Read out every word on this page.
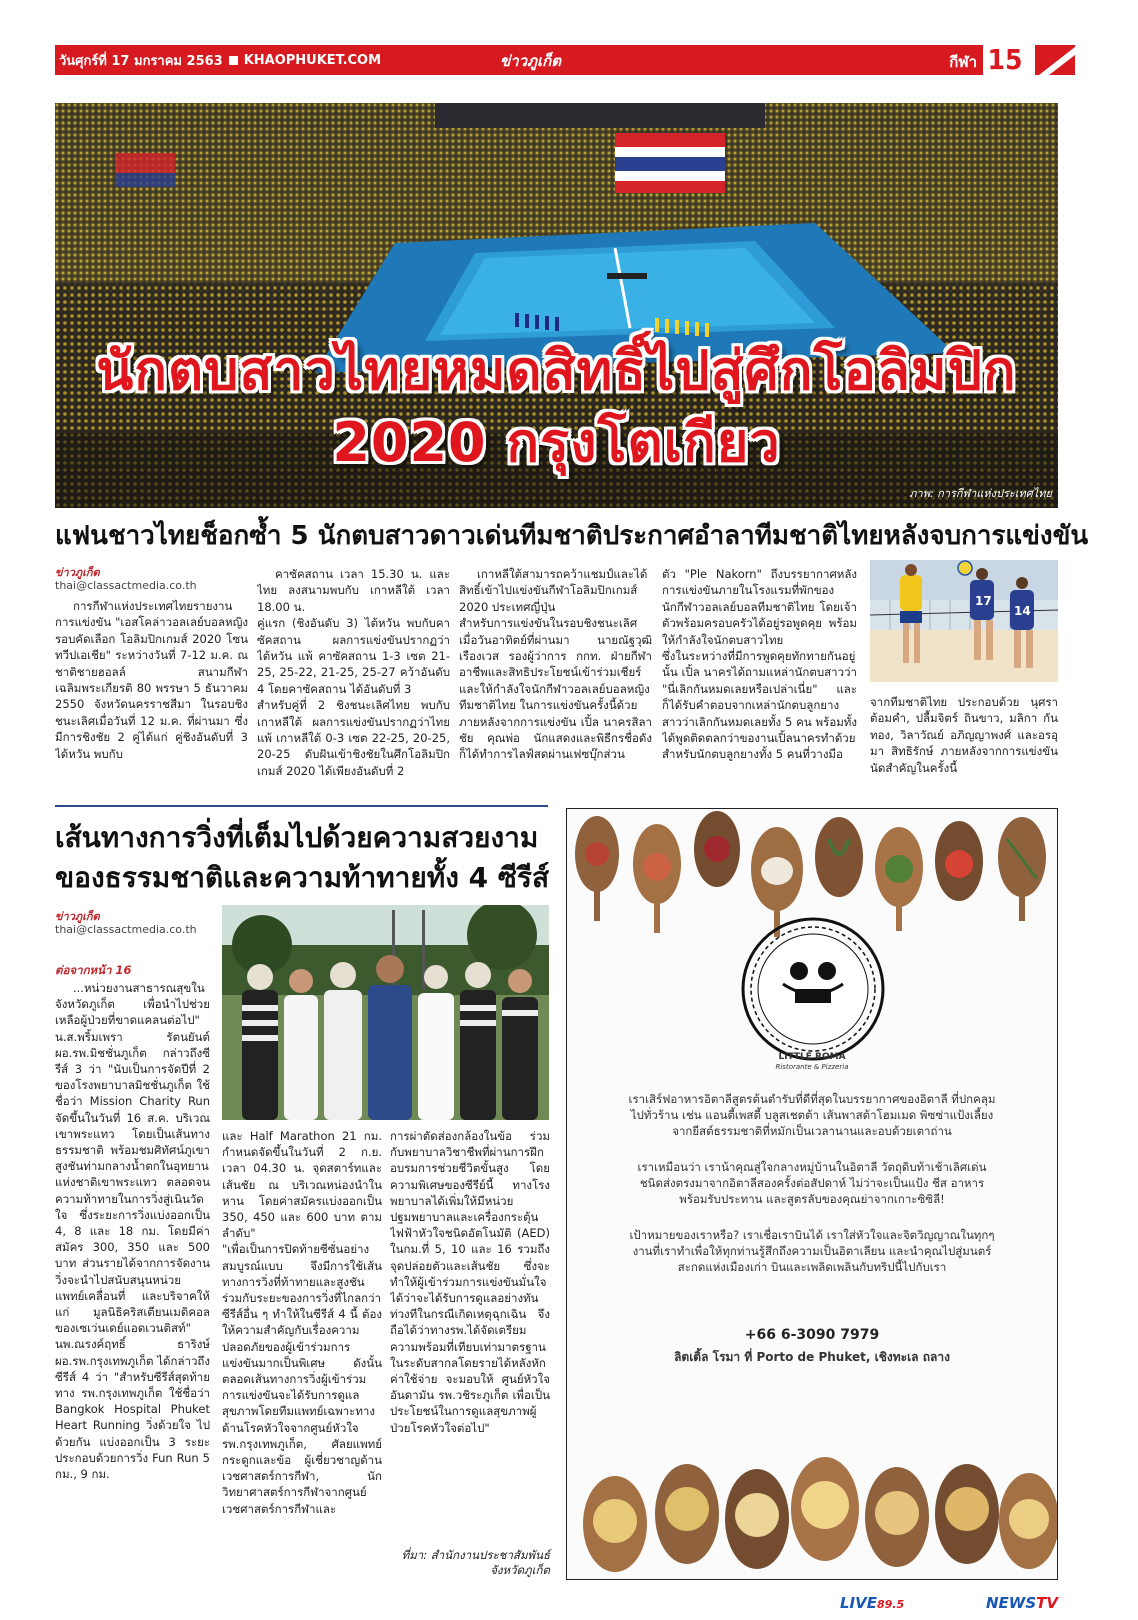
วันศุกร์ที่ 17 มกราคม 2563 KHAOPHUKET.COM	ข่าวภูเก็ต	กีฬา 15
นักตบสาวไทยหมดสิทธิ์ไปสู่ศึกโอลิมปิก
2020 กรุงโตเกียว
ภาพ: การกีฬาแห่งประเทศไทย
แฟนชาวไทยช็อกซ้ำ 5 นักตบสาวดาวเด่นทีมชาติประกาศอำลาทีมชาติไทยหลังจบการแข่งขัน
ข่าวภูเก็ต
thai@classactmedia.co.th

การกีฬาแห่งประเทศไทยรายงานการแข่งขัน "เอสโคล่าวอลเลย์บอลหญิงรอบคัดเลือก โอลิมปิกเกมส์ 2020 โซนทวีปเอเชีย" ระหว่างวันที่ 7-12 ม.ค. ณ ชาติชายฮอลล์ สนามกีฬาเฉลิมพระเกียรติ 80 พรรษา 5 ธันวาคม 2550 จังหวัดนครราชสีมา ในรอบชิงชนะเลิศเมื่อวันที่ 12 ม.ค. ที่ผ่านมา ซึ่งมีการชิงชัย 2 คู่ได้แก่ คู่ชิงอันดับที่ 3 ได้หวัน พบกับ

คาซัคสถาน เวลา 15.30 น. และไทย ลงสนามพบกับ เกาหลีใต้ เวลา 18.00 น.
คู่แรก (ชิงอันดับ 3) ไต้หวัน พบกับคาซัคสถาน ผลการแข่งขันปรากฏว่าไต้หวัน แพ้ คาซัคสถาน 1-3 เซต 21-25, 25-22, 21-25, 25-27 คว้าอันดับ 4 โดยคาซัคสถาน ได้อันดับที่ 3
สำหรับคู่ที่ 2 ชิงชนะเลิศไทย พบกับ เกาหลีใต้ ผลการแข่งขันปรากฏว่าไทย แพ้ เกาหลีใต้ 0-3 เซต 22-25, 20-25, 20-25 ดับฝันเข้าชิงชัยในศึกโอลิมปิกเกมส์ 2020 ได้เพียงอันดับที่ 2

เกาหลีใต้สามารถคว้าแชมป์และได้สิทธิ์เข้าไปแข่งขันกีฬาโอลิมปิกเกมส์ 2020 ประเทศญี่ปุ่น
สำหรับการแข่งขันในรอบชิงชนะเลิศเมื่อวันอาทิตย์ที่ผ่านมา นายณัฐวุฒิ เรืองเวส รองผู้ว่าการ กกท. ฝ่ายกีฬาอาชีพและสิทธิประโยชน์เข้าร่วมเชียร์และให้กำลังใจนักกีฬาวอลเลย์บอลหญิงทีมชาติไทย ในการแข่งขันครั้งนี้ด้วย
ภายหลังจากการแข่งขัน เปิ้ล นาครสิลาชัย คุณพ่อ นักแสดงและพิธีกรชื่อดัง ก็ได้ทำการไลฟ์สดผ่านเฟซบุ๊กส่วน

ตัว "Ple Nakorn" ถึงบรรยากาศหลังการแข่งขันภายในโรงแรมที่พักของนักกีฬาวอลเลย์บอลทีมชาติไทย โดยเจ้าตัวพร้อมครอบครัวได้อยู่รอพูดคุย พร้อมให้กำลังใจนักตบสาวไทย
ซึ่งในระหว่างที่มีการพูดคุยทักทายกันอยู่นั้น เปิ้ล นาครได้ถามแหล่านักตบสาวว่า "นี่เลิกกันหมดเลยหรือเปล่าเนี่ย" และก็ได้รับคำตอบจากเหล่านักตบลูกยางสาวว่าเลิกกันหมดเลยทั้ง 5 คน พร้อมทั้งได้พูดติดตลกว่าของานเปิ้ลนาครทำด้วย สำหรับนักตบลูกยางทั้ง 5 คนที่วางมือ

17
14

จากทีมชาติไทย ประกอบด้วย นุศรา ต้อมคำ, ปลื้มจิตร์ ถินขาว, มลิกา กันทอง, วิลาวัณย์ อภิญญาพงศ์ และอรอุมา สิทธิรักษ์ ภายหลังจากการแข่งขันนัดสำคัญในครั้งนี้

เส้นทางการวิ่งที่เต็มไปด้วยความสวยงาม
ของธรรมชาติและความท้าทายทั้ง 4 ซีรีส์
ข่าวภูเก็ต
thai@classactmedia.co.th
ต่อจากหน้า 16

...หน่วยงานสาธารณสุขในจังหวัดภูเก็ต เพื่อนำไปช่วยเหลือผู้ป่วยที่ขาดแคลนต่อไป"
น.ส.พริ้มเพรา รัตนยันต์ ผอ.รพ.มิชชั่นภูเก็ต กล่าวถึงซีรีส์ 3 ว่า "นับเป็นการจัดปีที่ 2 ของโรงพยาบาลมิชชั่นภูเก็ต ใช้ชื่อว่า Mission Charity Run จัดขึ้นในวันที่ 16 ส.ค. บริเวณเขาพระแทว โดยเป็นเส้นทางธรรมชาติ พร้อมชมศิทัศน์ภูเขาสูงชันท่ามกลางน้ำตกในอุทยานแห่งชาติเขาพระแทว ตลอดจนความท้าทายในการวิ่งสู่เนินวัดใจ ซึ่งระยะการวิ่งแบ่งออกเป็น 4, 8 และ 18 กม. โดยมีค่าสมัคร 300, 350 และ 500 บาท ส่วนรายได้จากการจัดงานวิ่งจะนำไปสนับสนุนหน่วยแพทย์เคลื่อนที่ และบริจาคให้แก่ มูลนิธิคริสเตียนเมดิคอล ของเซเว่นเดย์แอดเวนติสท์"
นพ.ณรงค์ฤทธิ์ ธาริงษ์ ผอ.รพ.กรุงเทพภูเก็ต ได้กล่าวถึงซีรีส์ 4 ว่า "สำหรับซีรีส์สุดท้ายทาง รพ.กรุงเทพภูเก็ต ใช้ชื่อว่า Bangkok Hospital Phuket Heart Running วิ่งด้วยใจ ไปด้วยกัน แบ่งออกเป็น 3 ระยะ ประกอบด้วยการวิ่ง Fun Run 5 กม., 9 กม.

และ Half Marathon 21 กม. กำหนดจัดขึ้นในวันที่ 2 ก.ย. เวลา 04.30 น. จุดสตาร์ทและเส้นชัย ณ บริเวณหน่องนำในหาน โดยค่าสมัครแบ่งออกเป็น 350, 450 และ 600 บาท ตามลำดับ"
"เพื่อเป็นการปิดท้ายซีซั่นอย่างสมบูรณ์แบบ จึงมีการใช้เส้นทางการวิ่งที่ท้าทายและสูงชันร่วมกับระยะของการวิ่งที่ไกลกว่าซีรีส์อื่น ๆ ทำให้ในซีรีส์ 4 นี้ ต้องให้ความสำคัญกับเรื่องความปลอดภัยของผู้เข้าร่วมการแข่งขันมากเป็นพิเศษ ดังนั้นตลอดเส้นทางการวิ่งผู้เข้าร่วมการแข่งขันจะได้รับการดูแลสุขภาพโดยทีมแพทย์เฉพาะทางด้านโรคหัวใจจากศูนย์หัวใจรพ.กรุงเทพภูเก็ต, ศัลยแพทย์กระดูกและข้อ ผู้เชี่ยวชาญด้านเวชศาสตร์การกีฬา, นักวิทยาศาสตร์การกีฬาจากศูนย์เวชศาสตร์การกีฬาและ

การผ่าตัดส่องกล้องในข้อ ร่วมกับพยาบาลวิชาชีพที่ผ่านการฝึกอบรมการช่วยชีวิตขั้นสูง โดยความพิเศษของซีรีย์นี้ ทางโรงพยาบาลได้เพิ่มให้มีหน่วยปฐมพยาบาลและเครื่องกระตุ้นไฟฟ้าหัวใจชนิดอัตโนมัติ (AED) ในกม.ที่ 5, 10 และ 16 รวมถึงจุดปล่อยตัวและเส้นชัย ซึ่งจะทำให้ผู้เข้าร่วมการแข่งขันมั่นใจได้ว่าจะได้รับการดูแลอย่างทันท่วงทีในกรณีเกิดเหตุฉุกเฉิน จึงถือได้ว่าทางรพ.ได้จัดเตรียมความพร้อมที่เทียบเท่ามาตรฐานในระดับสากลโดยรายได้หลังหักค่าใช้จ่าย จะมอบให้ ศูนย์หัวใจอันดามัน รพ.วชิระภูเก็ต เพื่อเป็นประโยชน์ในการดูแลสุขภาพผู้ป่วยโรคหัวใจต่อไป"

ที่มา: สำนักงานประชาสัมพันธ์
จังหวัดภูเก็ต
LITTLE ROMA
Ristorante & Pizzeria
เราเสิร์ฟอาหารอิตาลีสูตรต้นตำรับที่ดีที่สุดในบรรยากาศของอิตาลี ที่ปกคลุมไปทั่วร้าน เช่น แอนตี้เพสตี้ บลูสเชตต้า เส้นพาสต้าโฮมเมด พิซซ่าแป้งเลี้ยงจากยีสต์ธรรมชาติที่หมักเป็นเวลานานและอบด้วยเตาถ่าน
เราเหมือนว่า เราน้าคุณสู่ใจกลางหมู่บ้านในอิตาลี วัตถุดิบท้าเช้าเลิศเด่นชนิดส่งตรงมาจากอิตาลีสองครั้งต่อสัปดาห์ ไม่ว่าจะเป็นแป้ง ชีส อาหารพร้อมรับประทาน และสูตรลับของคุณย่าจากเกาะซิซิลี!
เป้าหมายของเราหรือ? เราเชื่อเราบินได้ เราใส่หัวใจและจิตวิญญาณในทุกๆงานที่เราทำเพื่อให้ทุกท่านรู้สึกถึงความเป็นอิตาเลียน และนำคุณไปสู่มนตร์สะกดแห่งเมืองเก่า บินและเพลิดเพลินกับทริปนี้ไปกับเรา
+66 6-3090 7979
ลิตเติ้ล โรมา ที่ Porto de Phuket, เชิงทะเล ถลาง
LIVE89.5	NEWSTV
